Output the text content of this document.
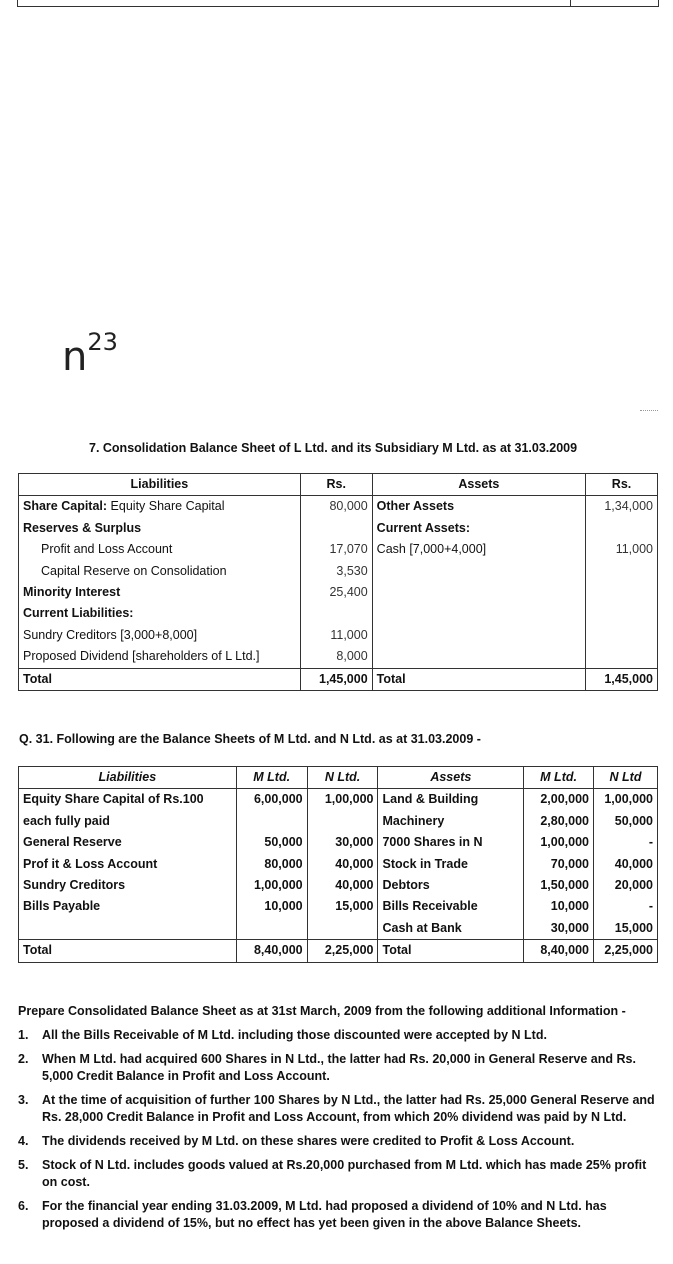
$n^{23}$
7. Consolidation Balance Sheet of L Ltd. and its Subsidiary M Ltd. as at 31.03.2009
Liabilities	Rs.	Assets	Rs.
Share Capital: Equity Share Capital	80,000	Other Assets	1,34,000
Reserves & Surplus		Current Assets:	
Profit and Loss Account	17,070	Cash [7,000+4,000]	11,000
Capital Reserve on Consolidation	3,530		
Minority Interest	25,400		
Current Liabilities:			
Sundry Creditors [3,000+8,000]	11,000		
Proposed Dividend [shareholders of L Ltd.]	8,000		
Total	1,45,000	Total	1,45,000
Q. 31. Following are the Balance Sheets of M Ltd. and N Ltd. as at 31.03.2009 -
Liabilities	M Ltd.	N Ltd.	Assets	M Ltd.	N Ltd
Equity Share Capital of Rs.100	6,00,000	1,00,000	Land & Building	2,00,000	1,00,000
each fully paid			Machinery	2,80,000	50,000
General Reserve	50,000	30,000	7000 Shares in N	1,00,000	-
Prof it & Loss Account	80,000	40,000	Stock in Trade	70,000	40,000
Sundry Creditors	1,00,000	40,000	Debtors	1,50,000	20,000
Bills Payable	10,000	15,000	Bills Receivable	10,000	-
			Cash at Bank	30,000	15,000
Total	8,40,000	2,25,000	Total	8,40,000	2,25,000
Prepare Consolidated Balance Sheet as at 31st March, 2009 from the following additional Information -
1. All the Bills Receivable of M Ltd. including those discounted were accepted by N Ltd.
2. When M Ltd. had acquired 600 Shares in N Ltd., the latter had Rs. 20,000 in General Reserve and Rs. 5,000 Credit Balance in Profit and Loss Account.
3. At the time of acquisition of further 100 Shares by N Ltd., the latter had Rs. 25,000 General Reserve and Rs. 28,000 Credit Balance in Profit and Loss Account, from which 20% dividend was paid by N Ltd.
4. The dividends received by M Ltd. on these shares were credited to Profit & Loss Account.
5. Stock of N Ltd. includes goods valued at Rs.20,000 purchased from M Ltd. which has made 25% profit on cost.
6. For the financial year ending 31.03.2009, M Ltd. had proposed a dividend of 10% and N Ltd. has proposed a dividend of 15%, but no effect has yet been given in the above Balance Sheets.
